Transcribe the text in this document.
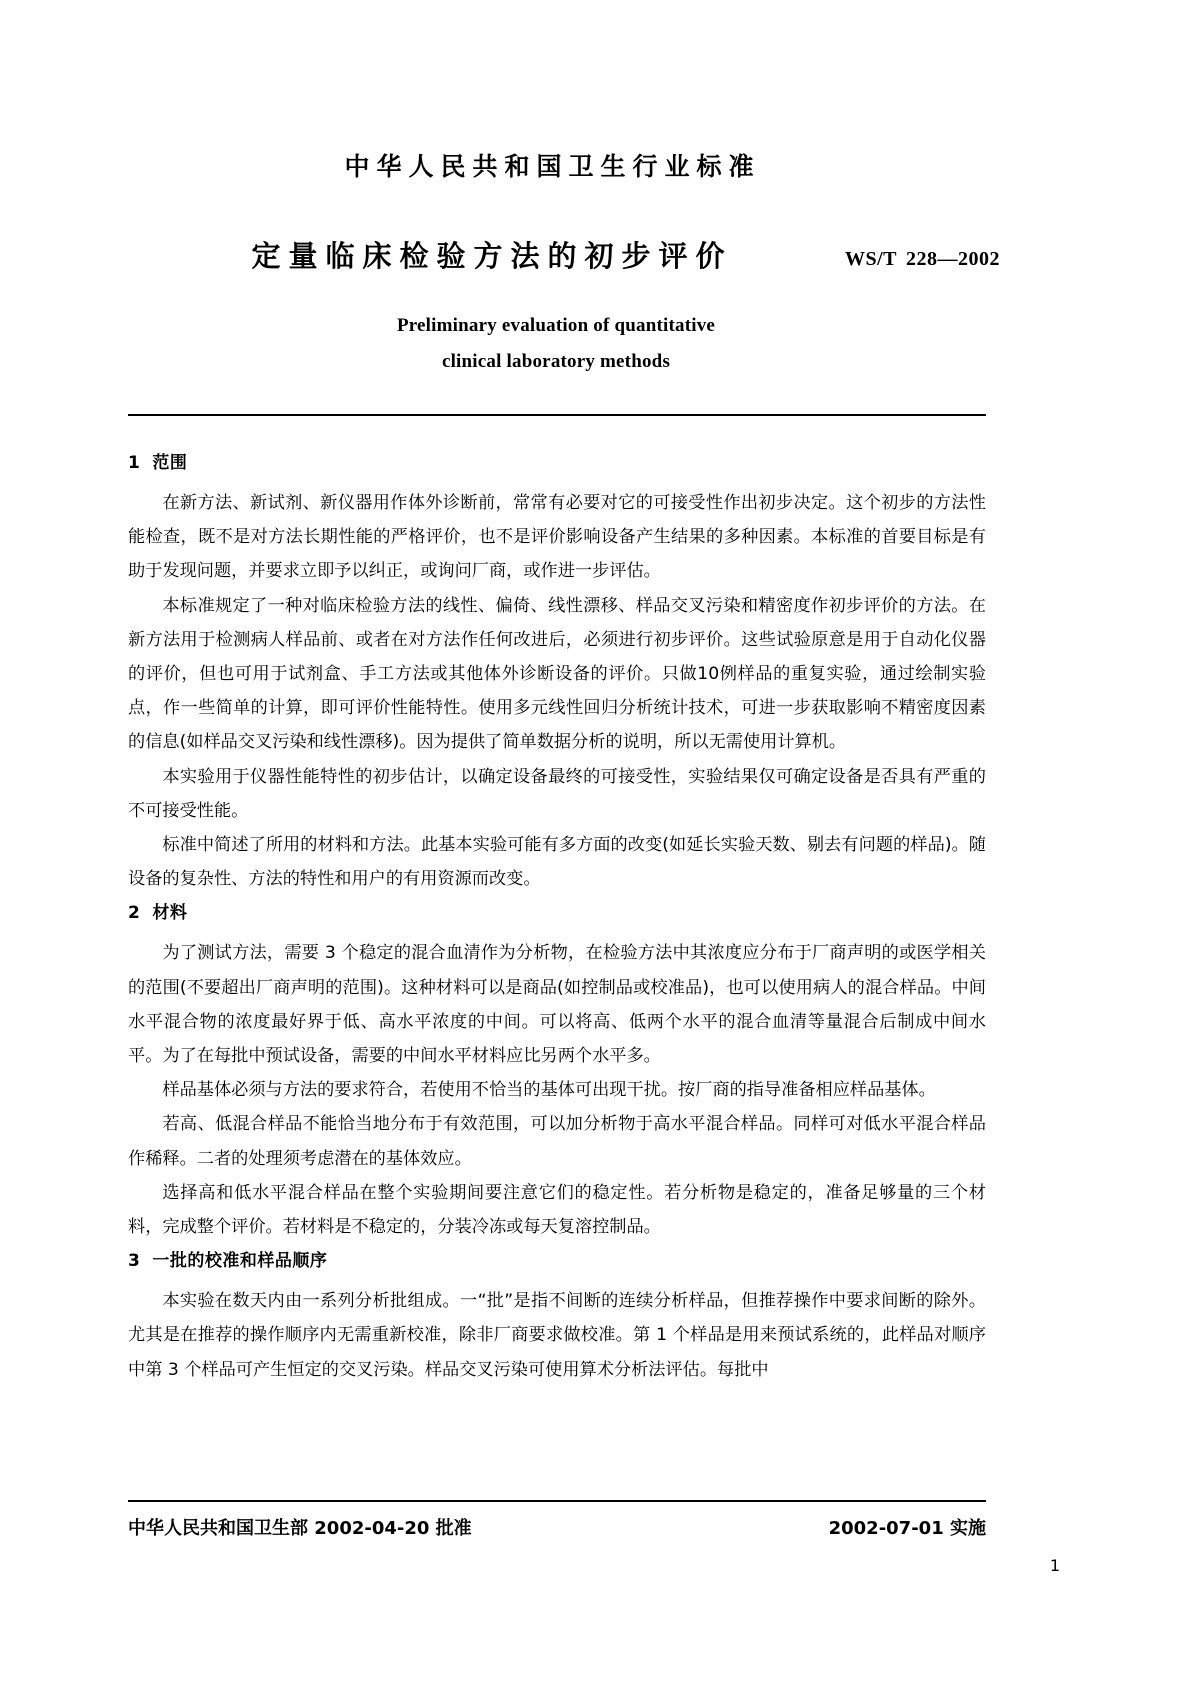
中华人民共和国卫生行业标准
定量临床检验方法的初步评价	WS/T 228—2002
Preliminary evaluation of quantitative
clinical laboratory methods
1 范围

在新方法、新试剂、新仪器用作体外诊断前，常常有必要对它的可接受性作出初步决定。这个初步的方法性能检查，既不是对方法长期性能的严格评价，也不是评价影响设备产生结果的多种因素。本标准的首要目标是有助于发现问题，并要求立即予以纠正，或询问厂商，或作进一步评估。

本标准规定了一种对临床检验方法的线性、偏倚、线性漂移、样品交叉污染和精密度作初步评价的方法。在新方法用于检测病人样品前、或者在对方法作任何改进后，必须进行初步评价。这些试验原意是用于自动化仪器的评价，但也可用于试剂盒、手工方法或其他体外诊断设备的评价。只做10例样品的重复实验，通过绘制实验点，作一些简单的计算，即可评价性能特性。使用多元线性回归分析统计技术，可进一步获取影响不精密度因素的信息(如样品交叉污染和线性漂移)。因为提供了简单数据分析的说明，所以无需使用计算机。

本实验用于仪器性能特性的初步估计，以确定设备最终的可接受性，实验结果仅可确定设备是否具有严重的不可接受性能。

标准中简述了所用的材料和方法。此基本实验可能有多方面的改变(如延长实验天数、剔去有问题的样品)。随设备的复杂性、方法的特性和用户的有用资源而改变。

2 材料

为了测试方法，需要 3 个稳定的混合血清作为分析物，在检验方法中其浓度应分布于厂商声明的或医学相关的范围(不要超出厂商声明的范围)。这种材料可以是商品(如控制品或校准品)，也可以使用病人的混合样品。中间水平混合物的浓度最好界于低、高水平浓度的中间。可以将高、低两个水平的混合血清等量混合后制成中间水平。为了在每批中预试设备，需要的中间水平材料应比另两个水平多。

样品基体必须与方法的要求符合，若使用不恰当的基体可出现干扰。按厂商的指导准备相应样品基体。

若高、低混合样品不能恰当地分布于有效范围，可以加分析物于高水平混合样品。同样可对低水平混合样品作稀释。二者的处理须考虑潜在的基体效应。

选择高和低水平混合样品在整个实验期间要注意它们的稳定性。若分析物是稳定的，准备足够量的三个材料，完成整个评价。若材料是不稳定的，分装冷冻或每天复溶控制品。

3 一批的校准和样品顺序

本实验在数天内由一系列分析批组成。一“批”是指不间断的连续分析样品，但推荐操作中要求间断的除外。尤其是在推荐的操作顺序内无需重新校准，除非厂商要求做校准。第 1 个样品是用来预试系统的，此样品对顺序中第 3 个样品可产生恒定的交叉污染。样品交叉污染可使用算术分析法评估。每批中

中华人民共和国卫生部 2002-04-20 批准	2002-07-01 实施
1
